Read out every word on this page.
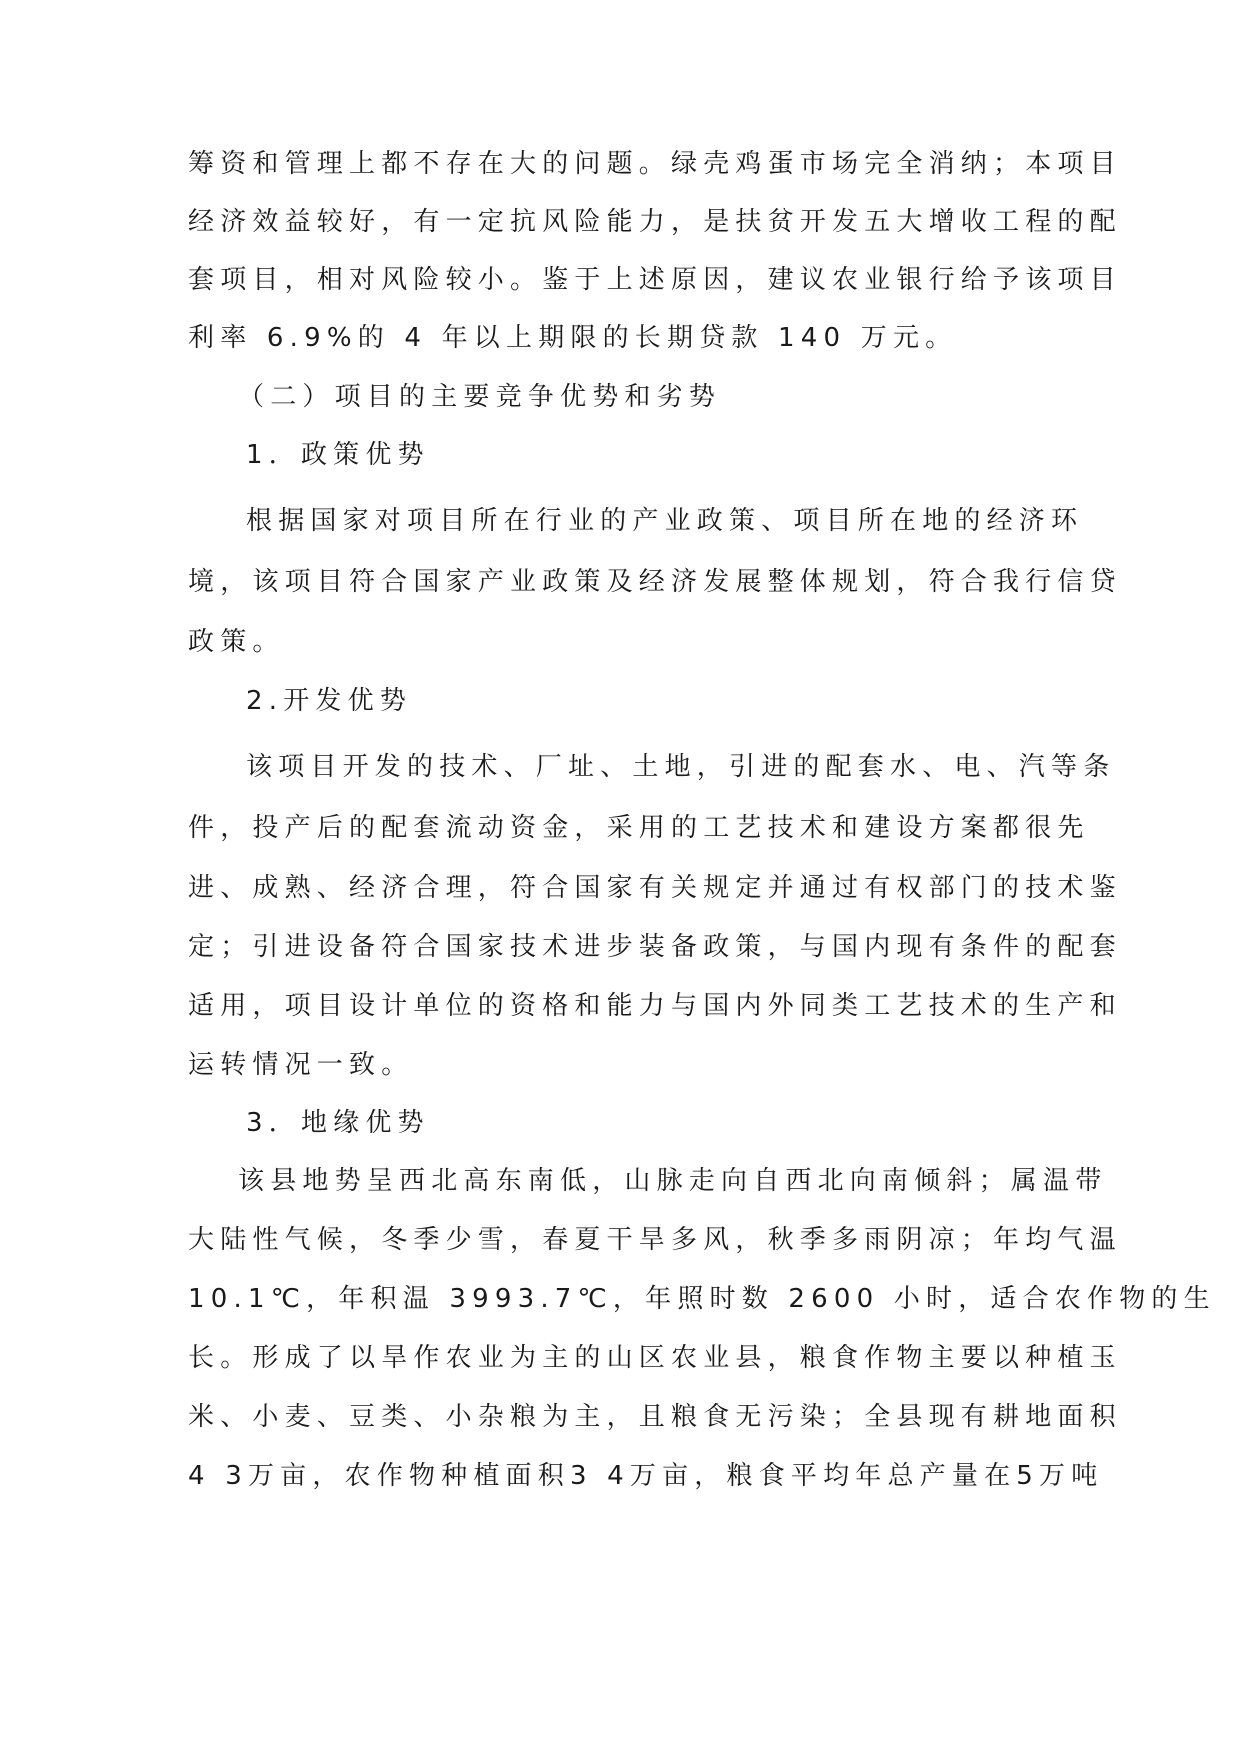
筹资和管理上都不存在大的问题。绿壳鸡蛋市场完全消纳；本项目
经济效益较好，有一定抗风险能力，是扶贫开发五大增收工程的配
套项目，相对风险较小。鉴于上述原因，建议农业银行给予该项目
利率 6.9%的 4 年以上期限的长期贷款 140 万元。
（二）项目的主要竞争优势和劣势
1．政策优势
根据国家对项目所在行业的产业政策、项目所在地的经济环
境，该项目符合国家产业政策及经济发展整体规划，符合我行信贷
政策。
2.开发优势
该项目开发的技术、厂址、土地，引进的配套水、电、汽等条
件，投产后的配套流动资金，采用的工艺技术和建设方案都很先
进、成熟、经济合理，符合国家有关规定并通过有权部门的技术鉴
定；引进设备符合国家技术进步装备政策，与国内现有条件的配套
适用，项目设计单位的资格和能力与国内外同类工艺技术的生产和
运转情况一致。
3．地缘优势
该县地势呈西北高东南低，山脉走向自西北向南倾斜；属温带
大陆性气候，冬季少雪，春夏干旱多风，秋季多雨阴凉；年均气温
10.1℃，年积温 3993.7℃，年照时数 2600 小时，适合农作物的生
长。形成了以旱作农业为主的山区农业县，粮食作物主要以种植玉
米、小麦、豆类、小杂粮为主，且粮食无污染；全县现有耕地面积
4 3万亩，农作物种植面积3 4万亩，粮食平均年总产量在5万吨
